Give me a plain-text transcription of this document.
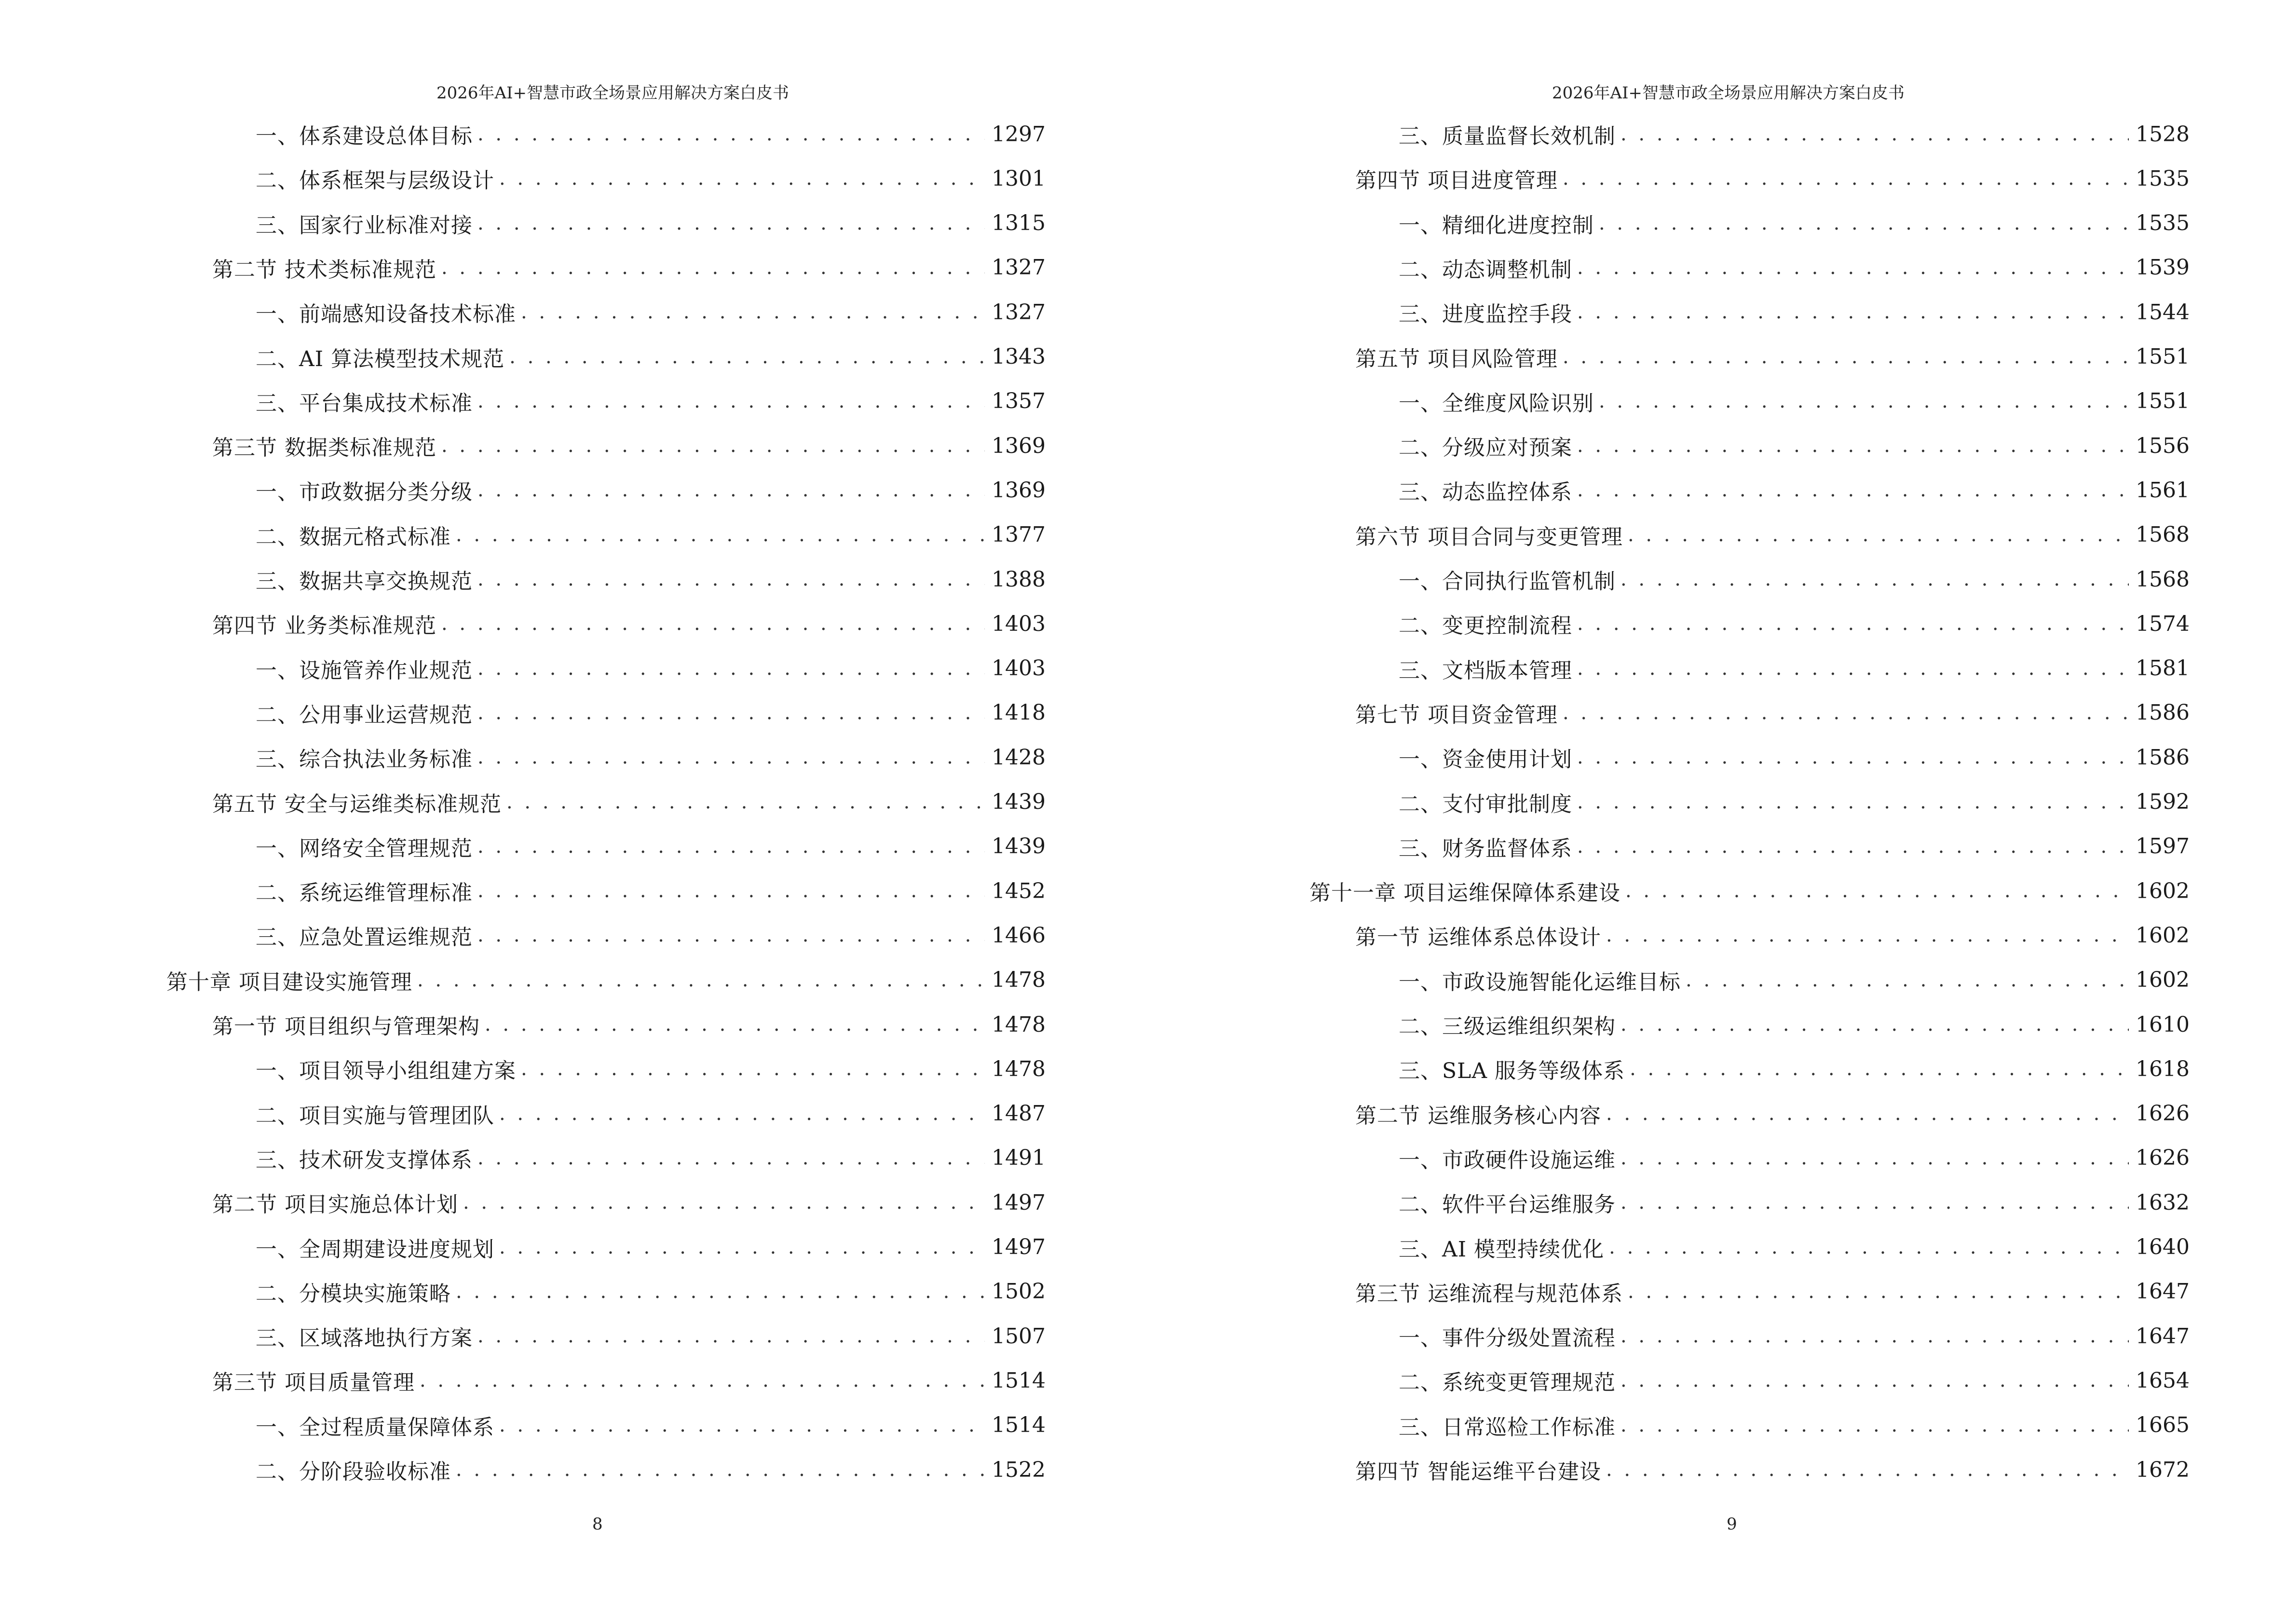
2026年AI+智慧市政全场景应用解决方案白皮书
一、体系建设总体目标 . . .	1297
二、体系框架与层级设计 . . .	1301
三、国家行业标准对接 . . .	1315
第二节 技术类标准规范 . . .	1327
一、前端感知设备技术标准 . . .	1327
二、AI 算法模型技术规范 . . .	1343
三、平台集成技术标准 . . .	1357
第三节 数据类标准规范 . . .	1369
一、市政数据分类分级 . . .	1369
二、数据元格式标准 . . .	1377
三、数据共享交换规范 . . .	1388
第四节 业务类标准规范 . . .	1403
一、设施管养作业规范 . . .	1403
二、公用事业运营规范 . . .	1418
三、综合执法业务标准 . . .	1428
第五节 安全与运维类标准规范 . . .	1439
一、网络安全管理规范 . . .	1439
二、系统运维管理标准 . . .	1452
三、应急处置运维规范 . . .	1466
第十章 项目建设实施管理 . . .	1478
第一节 项目组织与管理架构 . . .	1478
一、项目领导小组组建方案 . . .	1478
二、项目实施与管理团队 . . .	1487
三、技术研发支撑体系 . . .	1491
第二节 项目实施总体计划 . . .	1497
一、全周期建设进度规划 . . .	1497
二、分模块实施策略 . . .	1502
三、区域落地执行方案 . . .	1507
第三节 项目质量管理 . . .	1514
一、全过程质量保障体系 . . .	1514
二、分阶段验收标准 . . .	1522
8
2026年AI+智慧市政全场景应用解决方案白皮书
三、质量监督长效机制 . . .	1528
第四节 项目进度管理 . . .	1535
一、精细化进度控制 . . .	1535
二、动态调整机制 . . .	1539
三、进度监控手段 . . .	1544
第五节 项目风险管理 . . .	1551
一、全维度风险识别 . . .	1551
二、分级应对预案 . . .	1556
三、动态监控体系 . . .	1561
第六节 项目合同与变更管理 . . .	1568
一、合同执行监管机制 . . .	1568
二、变更控制流程 . . .	1574
三、文档版本管理 . . .	1581
第七节 项目资金管理 . . .	1586
一、资金使用计划 . . .	1586
二、支付审批制度 . . .	1592
三、财务监督体系 . . .	1597
第十一章 项目运维保障体系建设 . . .	1602
第一节 运维体系总体设计 . . .	1602
一、市政设施智能化运维目标 . . .	1602
二、三级运维组织架构 . . .	1610
三、SLA 服务等级体系 . . .	1618
第二节 运维服务核心内容 . . .	1626
一、市政硬件设施运维 . . .	1626
二、软件平台运维服务 . . .	1632
三、AI 模型持续优化 . . .	1640
第三节 运维流程与规范体系 . . .	1647
一、事件分级处置流程 . . .	1647
二、系统变更管理规范 . . .	1654
三、日常巡检工作标准 . . .	1665
第四节 智能运维平台建设 . . .	1672
9
